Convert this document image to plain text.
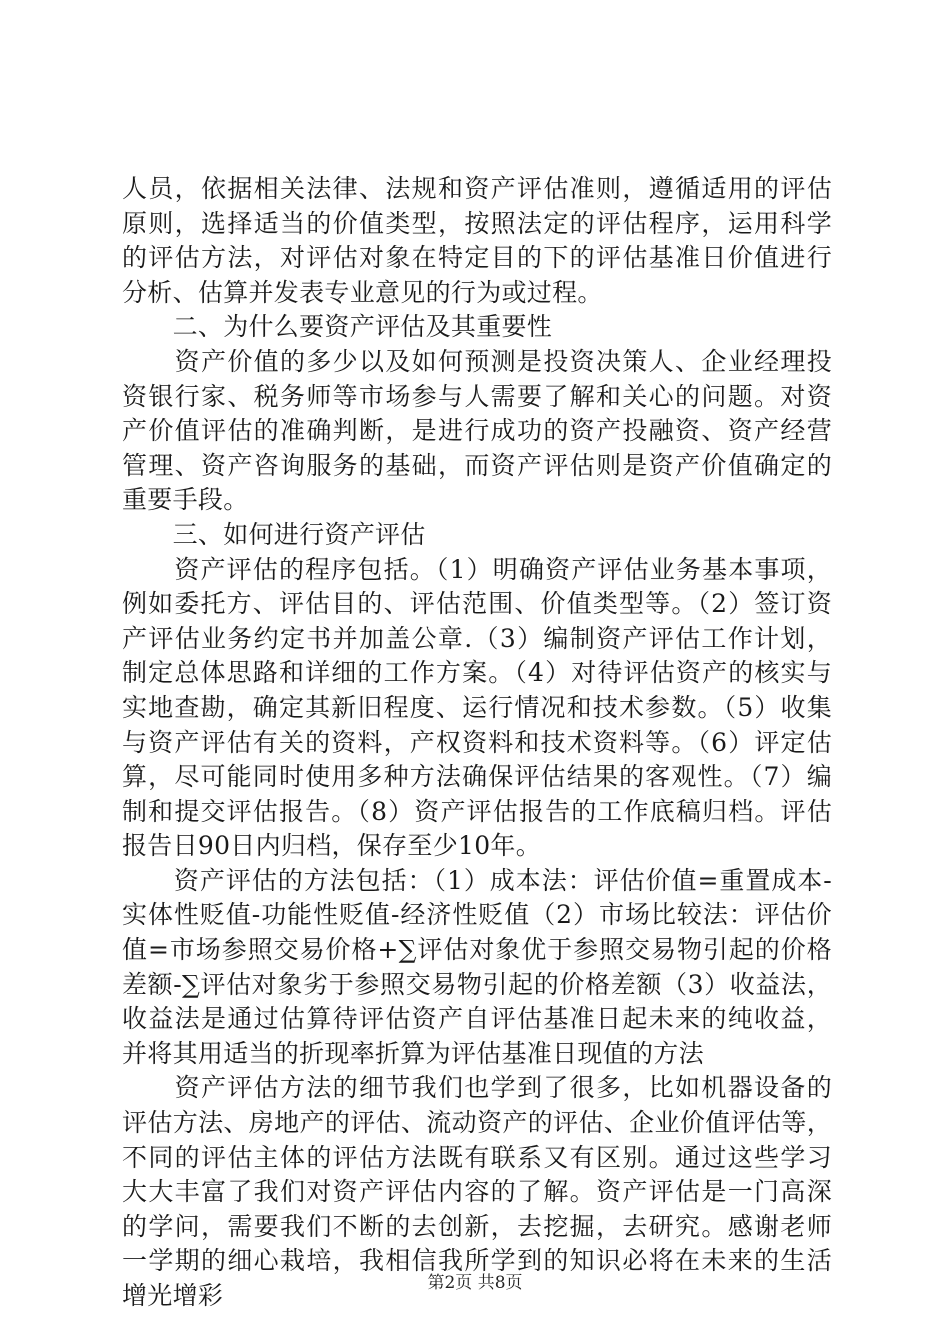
人员，依据相关法律、法规和资产评估准则，遵循适用的评估
原则，选择适当的价值类型，按照法定的评估程序，运用科学
的评估方法，对评估对象在特定目的下的评估基准日价值进行
分析、估算并发表专业意见的行为或过程。
　　二、为什么要资产评估及其重要性
　　资产价值的多少以及如何预测是投资决策人、企业经理投
资银行家、税务师等市场参与人需要了解和关心的问题。对资
产价值评估的准确判断，是进行成功的资产投融资、资产经营
管理、资产咨询服务的基础，而资产评估则是资产价值确定的
重要手段。
　　三、如何进行资产评估
　　资产评估的程序包括。（1）明确资产评估业务基本事项，
例如委托方、评估目的、评估范围、价值类型等。（2）签订资
产评估业务约定书并加盖公章.（3）编制资产评估工作计划，
制定总体思路和详细的工作方案。（4）对待评估资产的核实与
实地查勘，确定其新旧程度、运行情况和技术参数。（5）收集
与资产评估有关的资料，产权资料和技术资料等。（6）评定估
算，尽可能同时使用多种方法确保评估结果的客观性。（7）编
制和提交评估报告。（8）资产评估报告的工作底稿归档。评估
报告日90日内归档，保存至少10年。
　　资产评估的方法包括：（1）成本法：评估价值=重置成本-
实体性贬值-功能性贬值-经济性贬值（2）市场比较法：评估价
值=市场参照交易价格+∑评估对象优于参照交易物引起的价格
差额-∑评估对象劣于参照交易物引起的价格差额（3）收益法，
收益法是通过估算待评估资产自评估基准日起未来的纯收益，
并将其用适当的折现率折算为评估基准日现值的方法
　　资产评估方法的细节我们也学到了很多，比如机器设备的
评估方法、房地产的评估、流动资产的评估、企业价值评估等，
不同的评估主体的评估方法既有联系又有区别。通过这些学习
大大丰富了我们对资产评估内容的了解。资产评估是一门高深
的学问，需要我们不断的去创新，去挖掘，去研究。感谢老师
一学期的细心栽培，我相信我所学到的知识必将在未来的生活
增光增彩	第2页 共8页
